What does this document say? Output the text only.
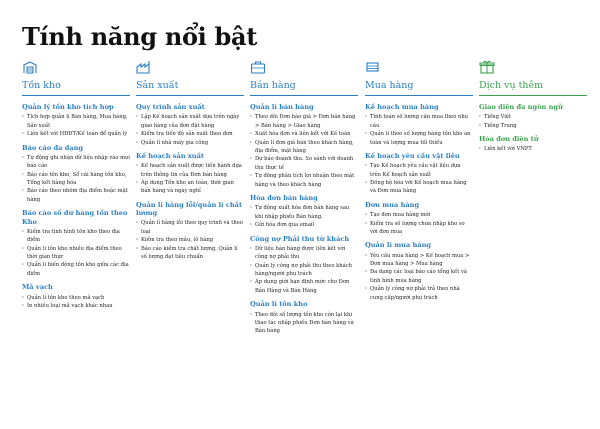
Tính năng nổi bật
Tồn kho
Quản lý tồn kho tích hợp
· Tích hợp quản lí Bán hàng, Mua hàng, Sản xuất
· Liên kết với HĐĐT/Kế toán để quản lý
Báo cáo đa dạng
· Tự động ghi nhận dữ liệu nhập vào mọi báo cáo
· Báo cáo tồn kho, Sổ cái hàng tồn kho, Tổng kết hàng hóa
· Báo cáo theo nhóm địa điểm hoặc mặt hàng
Báo cáo số dư hàng tồn theo Kho
· Kiểm tra tình hình tồn kho theo địa điểm
· Quản lí tồn kho nhiều địa điểm theo thời gian thực
· Quản lí biến động tồn kho giữa các địa điểm
Mã vạch
· Quản lí tồn kho theo mã vạch
· In nhiều loại mã vạch khác nhau
Sản xuất
Quy trình sản xuất
· Lập Kế hoạch sản xuất dựa trên ngày giao hàng của đơn đặt hàng
· Kiểm tra tiến độ sản xuất theo đơn
· Quản lí nhà máy gia công
Kế hoạch sản xuất
· Kế hoạch sản xuất được tiến hành dựa trên thông tin của Đơn bán hàng
· Áp dụng Tồn kho an toàn, thời gian bán hàng và ngày nghỉ
Quản lí hàng lỗi/quản lí chất lượng
· Quản lí hàng lỗi theo quy trình và theo loại
· Kiểm tra theo mẫu, lô hàng
· Báo cáo kiểm tra chất lượng, Quản lí số lượng đạt tiêu chuẩn
Bán hàng
Quản lí bán hàng
· Theo dõi Đơn báo giá > Đơn bán hàng > Bán hàng > Giao hàng
· Xuất hóa đơn và liên kết với Kế toán
· Quản lí đơn giá bán theo khách hàng, địa điểm, mặt hàng
· Dự báo doanh thu. So sánh với doanh thu thực tế
· Tự động phân tích lợi nhuận theo mặt hàng và theo khách hàng
Hóa đơn bán hàng
· Tự động xuất hóa đơn bán hàng sau khi nhập phiếu Bán hàng.
· Gửi hóa đơn qua email
Công nợ Phải thu từ khách
· Dữ liệu bán hàng được liên kết với công nợ phải thu
· Quản lý công nợ phải thu theo khách hàng/người phụ trách
· Áp dụng giới hạn định mức cho Đơn Bán Hàng và Bán Hàng
Quản lí tồn kho
· Theo dõi số lượng tồn kho còn lại khi thao tác nhập phiếu Đơn bán hàng và Bán hàng
Mua hàng
Kế hoạch mua hàng
· Tính toán số lượng cần mua theo nhu cầu
· Quản lí theo số lượng hàng tồn kho an toàn và lượng mua tối thiểu
Kế hoạch yêu cầu vật liệu
· Tạo Kế hoạch yêu cầu vật liệu dựa trên Kế hoạch sản xuất
· Đồng bộ hóa với Kế hoạch mua hàng và Đơn mua hàng
Đơn mua hàng
· Tạo đơn mua hàng mới
· Kiểm tra số lượng chưa nhập kho so với đơn mua
Quản lí mua hàng
· Yêu cầu mua hàng > Kế hoạch mua > Đơn mua hàng > Mua hàng
· Đa dạng các loại báo cáo tổng kết và tình hình mua hàng
· Quản lý công nợ phải trả theo nhà cung cấp/người phụ trách
Dịch vụ thêm
Giao diện đa ngôn ngữ
· Tiếng Việt
· Tiếng Trung
Hóa đơn điện tử
· Liên kết với VNPT
